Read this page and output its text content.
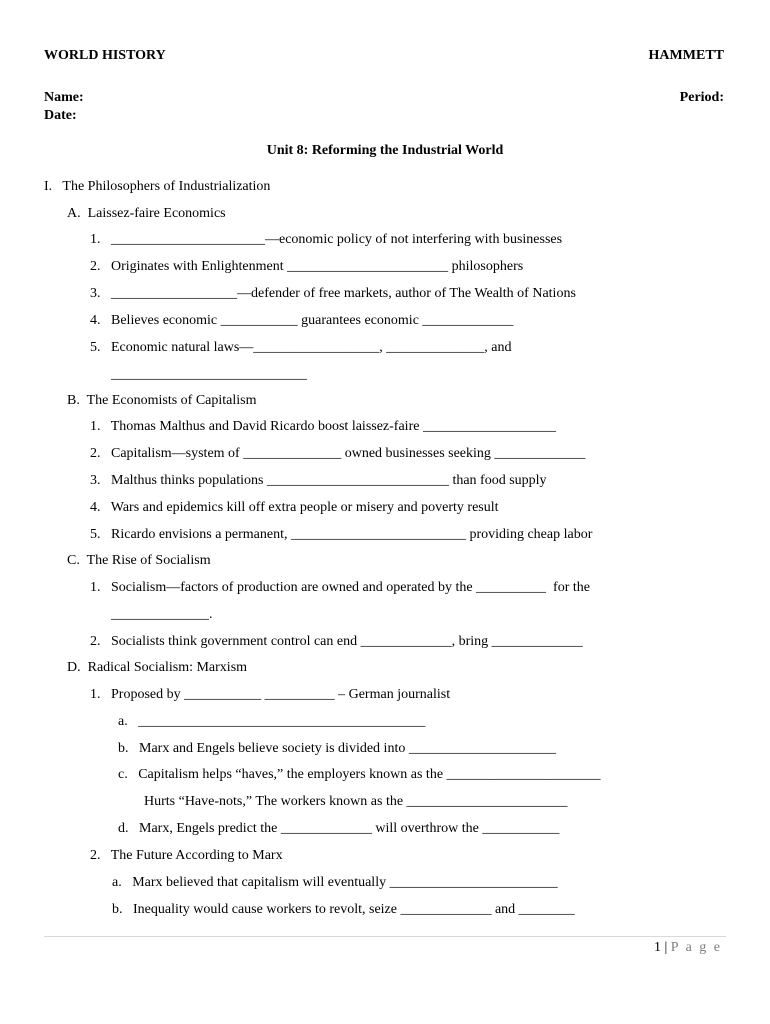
WORLD HISTORY	HAMMETT
Name:	Period:
Date:
Unit 8: Reforming the Industrial World
I.   The Philosophers of Industrialization
A.  Laissez-faire Economics
1.   ______________________—economic policy of not interfering with businesses
2.   Originates with Enlightenment _______________________ philosophers
3.   __________________—defender of free markets, author of The Wealth of Nations
4.   Believes economic ___________ guarantees economic _____________
5.   Economic natural laws—__________________, ______________, and
____________________________
B.  The Economists of Capitalism
1.   Thomas Malthus and David Ricardo boost laissez-faire ___________________
2.   Capitalism—system of ______________ owned businesses seeking _____________
3.   Malthus thinks populations __________________________ than food supply
4.   Wars and epidemics kill off extra people or misery and poverty result
5.   Ricardo envisions a permanent, _________________________ providing cheap labor
C.  The Rise of Socialism
1.   Socialism—factors of production are owned and operated by the __________  for the
______________.
2.   Socialists think government control can end _____________, bring _____________
D.  Radical Socialism: Marxism
1.   Proposed by ___________ __________ – German journalist
a.   _________________________________________
b.   Marx and Engels believe society is divided into _____________________
c.   Capitalism helps “haves,” the employers known as the ______________________
Hurts “Have-nots,” The workers known as the _______________________
d.   Marx, Engels predict the _____________ will overthrow the ___________
2.   The Future According to Marx
a.   Marx believed that capitalism will eventually ________________________
b.   Inequality would cause workers to revolt, seize _____________ and ________
1 | P a g e
